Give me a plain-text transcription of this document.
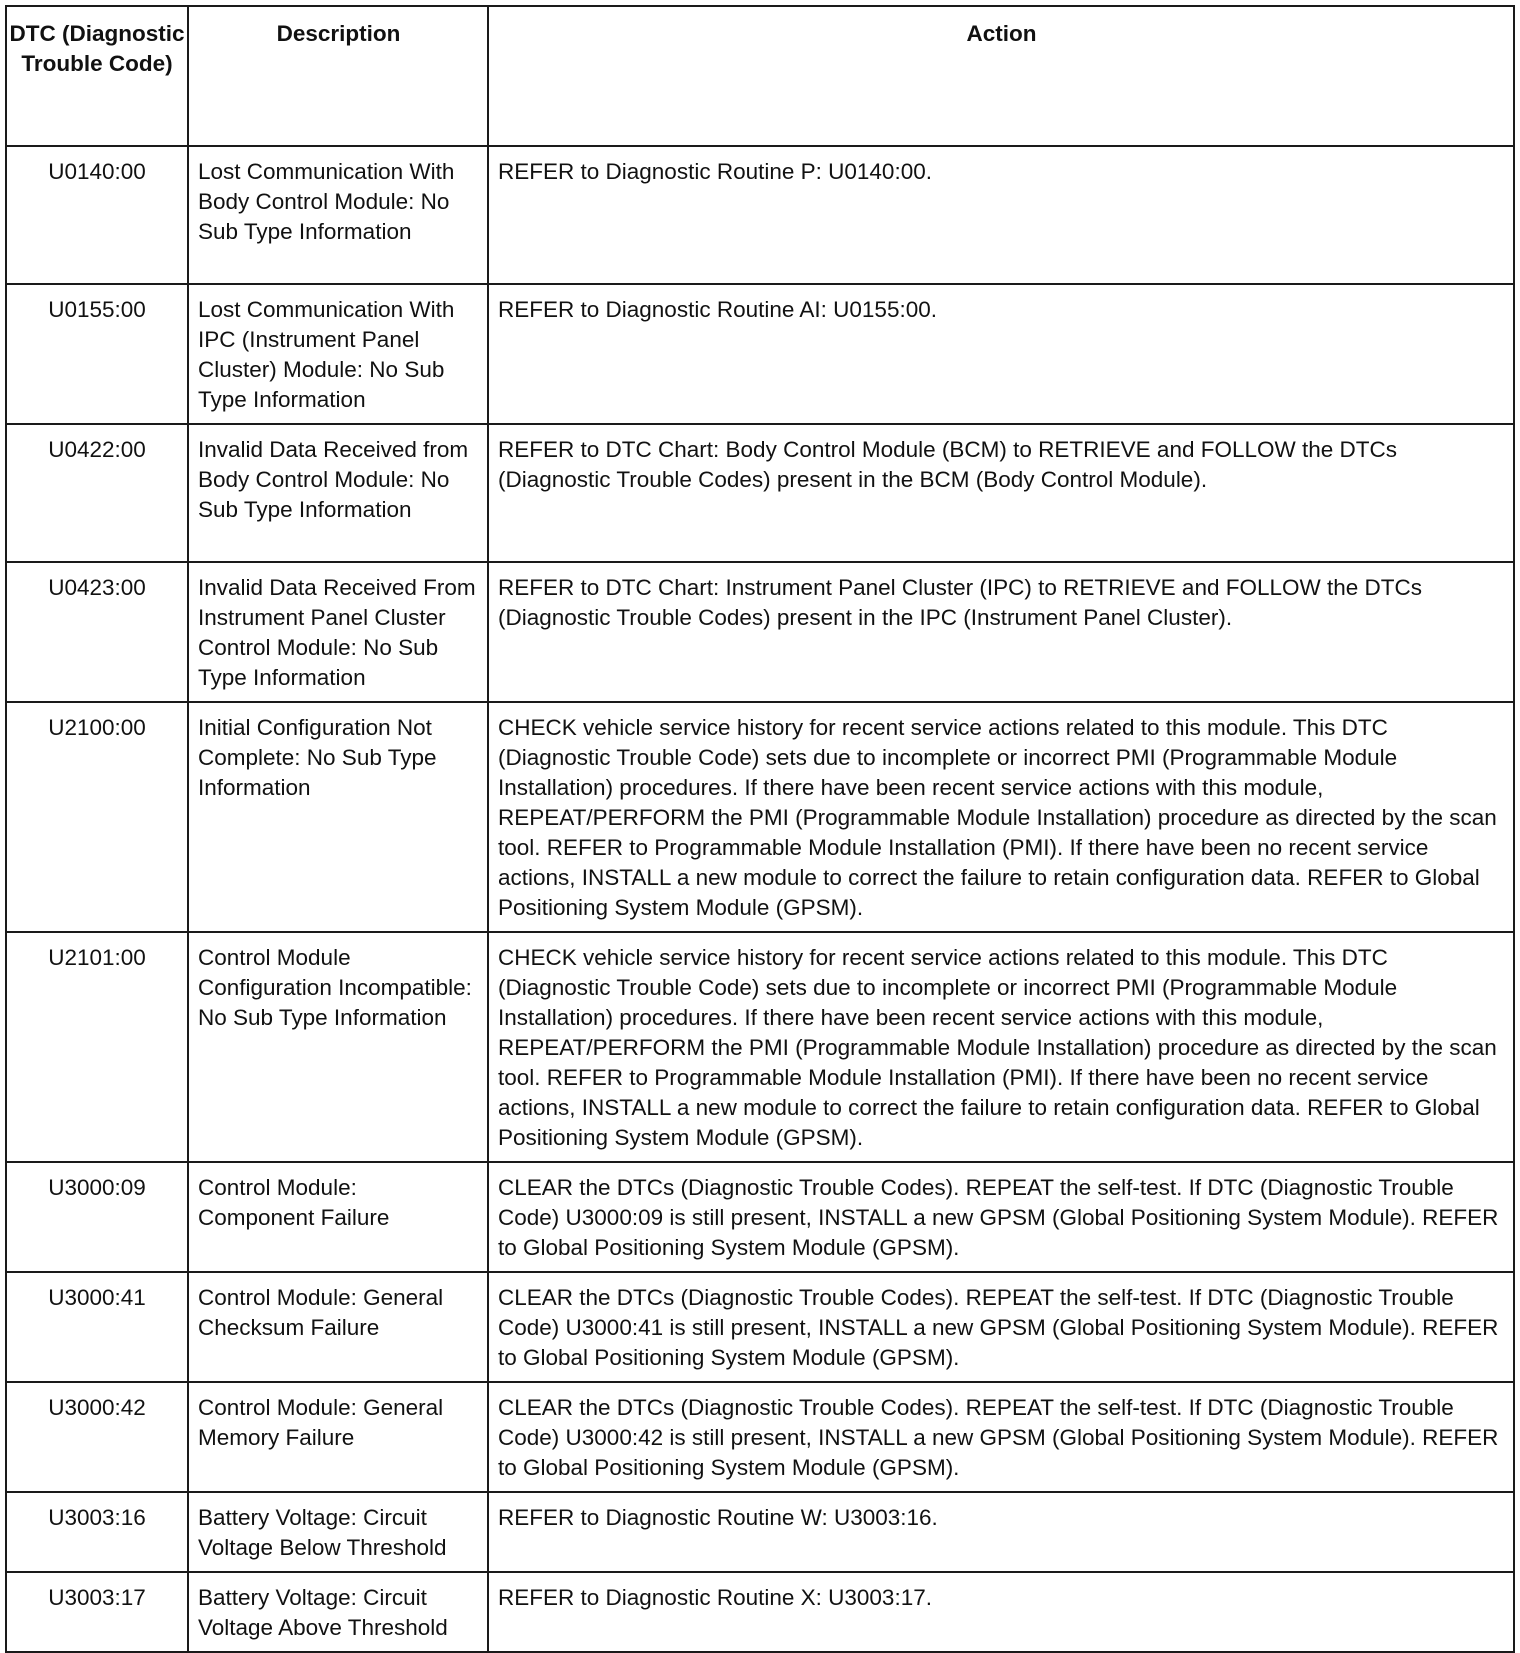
DTC (Diagnostic Trouble Code)	Description	Action
U0140:00	Lost Communication With Body Control Module: No Sub Type Information	REFER to Diagnostic Routine P: U0140:00.
U0155:00	Lost Communication With IPC (Instrument Panel Cluster) Module: No Sub Type Information	REFER to Diagnostic Routine AI: U0155:00.
U0422:00	Invalid Data Received from Body Control Module: No Sub Type Information	REFER to DTC Chart: Body Control Module (BCM) to RETRIEVE and FOLLOW the DTCs (Diagnostic Trouble Codes) present in the BCM (Body Control Module).
U0423:00	Invalid Data Received From Instrument Panel Cluster Control Module: No Sub Type Information	REFER to DTC Chart: Instrument Panel Cluster (IPC) to RETRIEVE and FOLLOW the DTCs (Diagnostic Trouble Codes) present in the IPC (Instrument Panel Cluster).
U2100:00	Initial Configuration Not Complete: No Sub Type Information	CHECK vehicle service history for recent service actions related to this module. This DTC (Diagnostic Trouble Code) sets due to incomplete or incorrect PMI (Programmable Module Installation) procedures. If there have been recent service actions with this module, REPEAT/PERFORM the PMI (Programmable Module Installation) procedure as directed by the scan tool. REFER to Programmable Module Installation (PMI). If there have been no recent service actions, INSTALL a new module to correct the failure to retain configuration data. REFER to Global Positioning System Module (GPSM).
U2101:00	Control Module Configuration Incompatible: No Sub Type Information	CHECK vehicle service history for recent service actions related to this module. This DTC (Diagnostic Trouble Code) sets due to incomplete or incorrect PMI (Programmable Module Installation) procedures. If there have been recent service actions with this module, REPEAT/PERFORM the PMI (Programmable Module Installation) procedure as directed by the scan tool. REFER to Programmable Module Installation (PMI). If there have been no recent service actions, INSTALL a new module to correct the failure to retain configuration data. REFER to Global Positioning System Module (GPSM).
U3000:09	Control Module: Component Failure	CLEAR the DTCs (Diagnostic Trouble Codes). REPEAT the self-test. If DTC (Diagnostic Trouble Code) U3000:09 is still present, INSTALL a new GPSM (Global Positioning System Module). REFER to Global Positioning System Module (GPSM).
U3000:41	Control Module: General Checksum Failure	CLEAR the DTCs (Diagnostic Trouble Codes). REPEAT the self-test. If DTC (Diagnostic Trouble Code) U3000:41 is still present, INSTALL a new GPSM (Global Positioning System Module). REFER to Global Positioning System Module (GPSM).
U3000:42	Control Module: General Memory Failure	CLEAR the DTCs (Diagnostic Trouble Codes). REPEAT the self-test. If DTC (Diagnostic Trouble Code) U3000:42 is still present, INSTALL a new GPSM (Global Positioning System Module). REFER to Global Positioning System Module (GPSM).
U3003:16	Battery Voltage: Circuit Voltage Below Threshold	REFER to Diagnostic Routine W: U3003:16.
U3003:17	Battery Voltage: Circuit Voltage Above Threshold	REFER to Diagnostic Routine X: U3003:17.
